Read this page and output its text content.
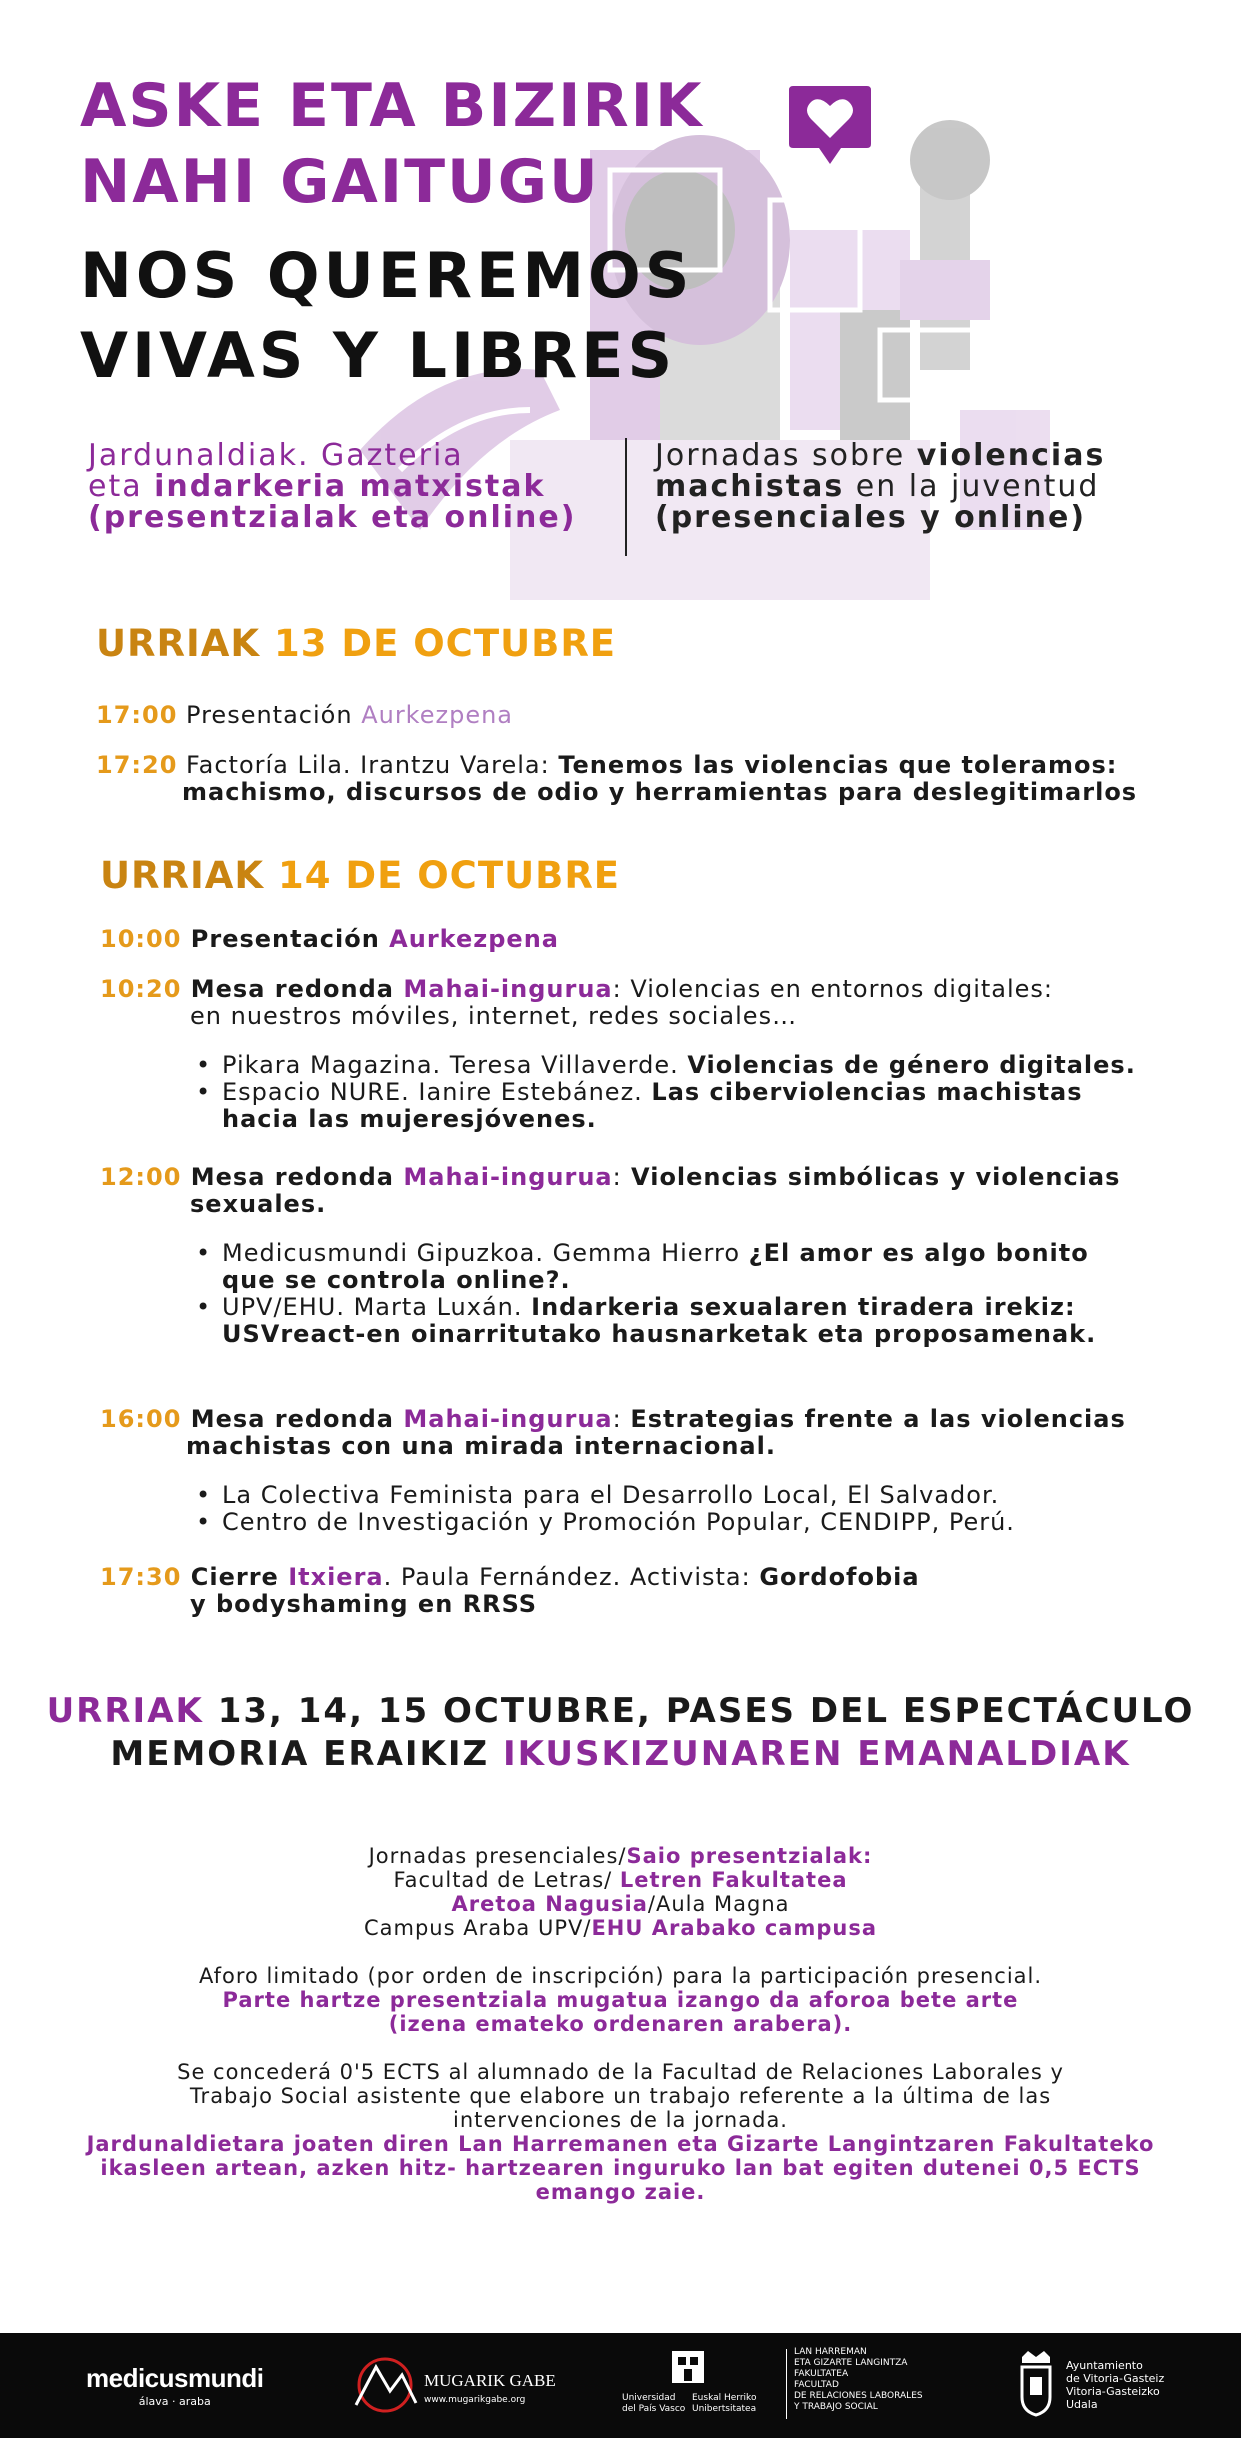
ASKE ETA BIZIRIK
NAHI GAITUGU
NOS QUEREMOS
VIVAS Y LIBRES
Jardunaldiak. Gazteria
eta indarkeria matxistak
(presentzialak eta online)
Jornadas sobre violencias
machistas en la juventud
(presenciales y online)
URRIAK 13 DE OCTUBRE
17:00 Presentación Aurkezpena
17:20 Factoría Lila. Irantzu Varela: Tenemos las violencias que toleramos:
machismo, discursos de odio y herramientas para deslegitimarlos
URRIAK 14 DE OCTUBRE
10:00 Presentación Aurkezpena
10:20 Mesa redonda Mahai-ingurua: Violencias en entornos digitales:
en nuestros móviles, internet, redes sociales…
• Pikara Magazina. Teresa Villaverde. Violencias de género digitales.
• Espacio NURE. Ianire Estebánez. Las ciberviolencias machistas
hacia las mujeresjóvenes.
12:00 Mesa redonda Mahai-ingurua: Violencias simbólicas y violencias
sexuales.
• Medicusmundi Gipuzkoa. Gemma Hierro ¿El amor es algo bonito
que se controla online?.
• UPV/EHU. Marta Luxán. Indarkeria sexualaren tiradera irekiz:
USVreact-en oinarritutako hausnarketak eta proposamenak.
16:00 Mesa redonda Mahai-ingurua: Estrategias frente a las violencias
machistas con una mirada internacional.
• La Colectiva Feminista para el Desarrollo Local, El Salvador.
• Centro de Investigación y Promoción Popular, CENDIPP, Perú.
17:30 Cierre Itxiera. Paula Fernández. Activista: Gordofobia
y bodyshaming en RRSS
URRIAK 13, 14, 15 OCTUBRE, PASES DEL ESPECTÁCULO
MEMORIA ERAIKIZ IKUSKIZUNAREN EMANALDIAK
Jornadas presenciales/Saio presentzialak:
Facultad de Letras/ Letren Fakultatea
Aretoa Nagusia/Aula Magna
Campus Araba UPV/EHU Arabako campusa
Aforo limitado (por orden de inscripción) para la participación presencial.
Parte hartze presentziala mugatua izango da aforoa bete arte
(izena emateko ordenaren arabera).
Se concederá 0'5 ECTS al alumnado de la Facultad de Relaciones Laborales y
Trabajo Social asistente que elabore un trabajo referente a la última de las
intervenciones de la jornada.
Jardunaldietara joaten diren Lan Harremanen eta Gizarte Langintzaren Fakultateko
ikasleen artean, azken hitz- hartzearen inguruko lan bat egiten dutenei 0,5 ECTS
emango zaie.
medicusmundi
álava · araba
MUGARIK GABE
www.mugarikgabe.org	Universidad
del País Vasco
Euskal Herriko
Unibertsitatea
LAN HARREMAN
ETA GIZARTE LANGINTZA
FAKULTATEA
FACULTAD
DE RELACIONES LABORALES
Y TRABAJO SOCIAL
Ayuntamiento
de Vitoria-Gasteiz
Vitoria-Gasteizko
Udala
